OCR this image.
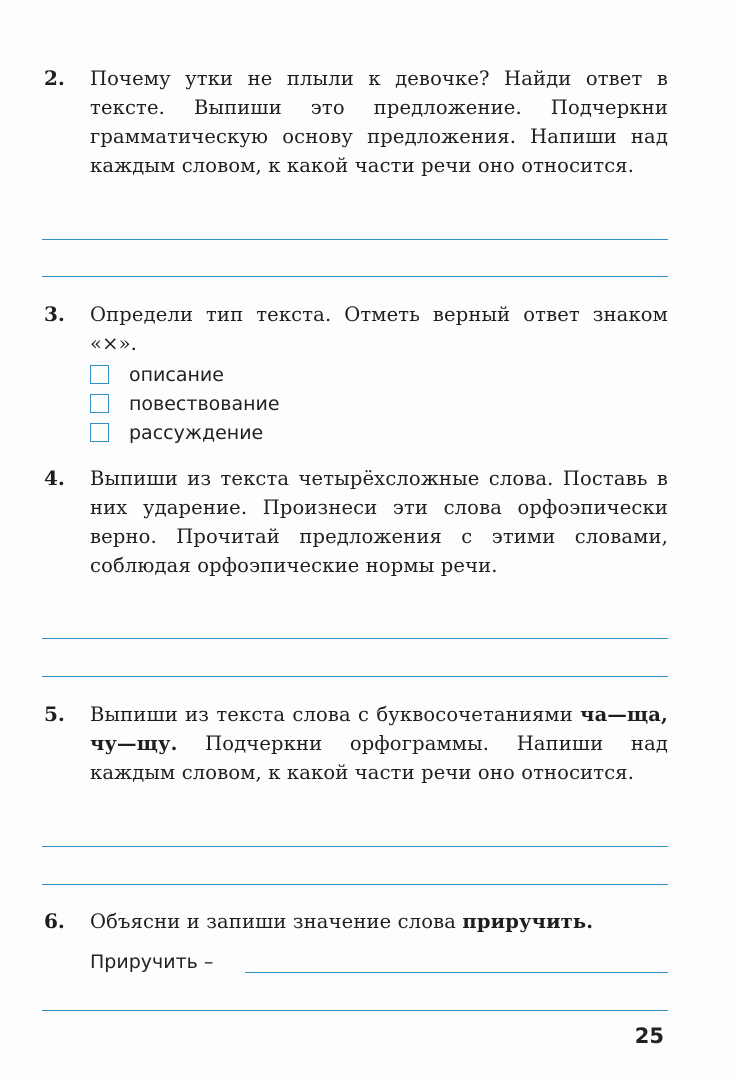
2. Почему утки не плыли к девочке? Найди ответ в тексте. Выпиши это предложение. Подчеркни грамматическую основу предложения. Напиши над каждым словом, к какой части речи оно относится.
3. Определи тип текста. Отметь верный ответ знаком «×».
описание
повествование
рассуждение
4. Выпиши из текста четырёхсложные слова. Поставь в них ударение. Произнеси эти слова орфоэпически верно. Прочитай предложения с этими словами, соблюдая орфоэпические нормы речи.
5. Выпиши из текста слова с буквосочетаниями ча—ща, чу—щу. Подчеркни орфограммы. Напиши над каждым словом, к какой части речи оно относится.
6. Объясни и запиши значение слова приручить.
Приручить –
25
